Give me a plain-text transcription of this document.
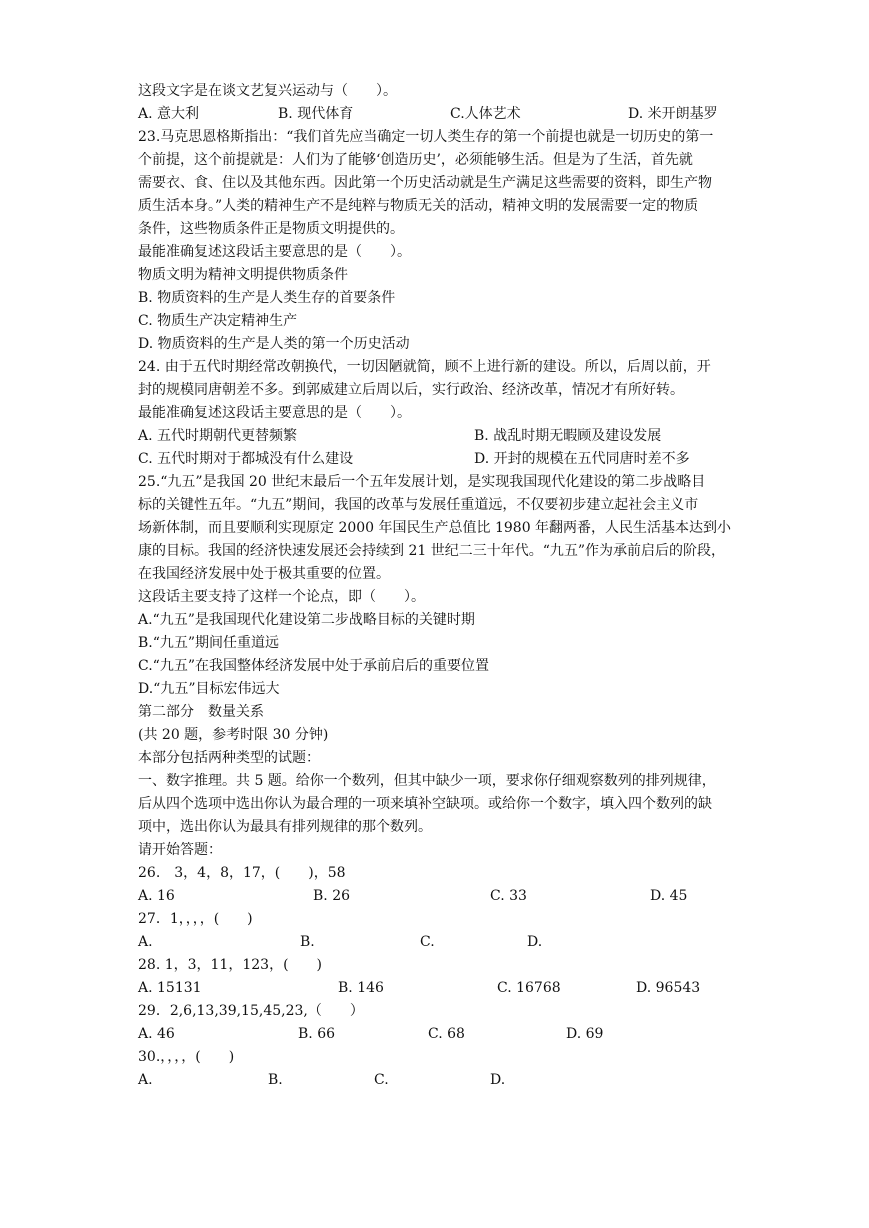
这段文字是在谈文艺复兴运动与（　　）。
A. 意大利	B. 现代体育	C.人体艺术	D. 米开朗基罗
23.马克思恩格斯指出：“我们首先应当确定一切人类生存的第一个前提也就是一切历史的第一
个前提，这个前提就是：人们为了能够‘创造历史’，必须能够生活。但是为了生活，首先就
需要衣、食、住以及其他东西。因此第一个历史活动就是生产满足这些需要的资料，即生产物
质生活本身。”人类的精神生产不是纯粹与物质无关的活动，精神文明的发展需要一定的物质
条件，这些物质条件正是物质文明提供的。
最能准确复述这段话主要意思的是（　　）。
物质文明为精神文明提供物质条件
B. 物质资料的生产是人类生存的首要条件
C. 物质生产决定精神生产
D. 物质资料的生产是人类的第一个历史活动
24. 由于五代时期经常改朝换代，一切因陋就简，顾不上进行新的建设。所以，后周以前，开
封的规模同唐朝差不多。到郭威建立后周以后，实行政治、经济改革，情况才有所好转。
最能准确复述这段话主要意思的是（　　）。
A. 五代时期朝代更替频繁	B. 战乱时期无暇顾及建设发展
C. 五代时期对于都城没有什么建设	D. 开封的规模在五代同唐时差不多
25.“九五”是我国 20 世纪末最后一个五年发展计划，是实现我国现代化建设的第二步战略目
标的关键性五年。“九五”期间，我国的改革与发展任重道远，不仅要初步建立起社会主义市
场新体制，而且要顺利实现原定 2000 年国民生产总值比 1980 年翻两番，人民生活基本达到小
康的目标。我国的经济快速发展还会持续到 21 世纪二三十年代。“九五”作为承前启后的阶段，
在我国经济发展中处于极其重要的位置。
这段话主要支持了这样一个论点，即（　　）。
A.“九五”是我国现代化建设第二步战略目标的关键时期
B.“九五”期间任重道远
C.“九五”在我国整体经济发展中处于承前启后的重要位置
D.“九五”目标宏伟远大
第二部分　数量关系
(共 20 题，参考时限 30 分钟)
本部分包括两种类型的试题：
一、数字推理。共 5 题。给你一个数列，但其中缺少一项，要求你仔细观察数列的排列规律，
后从四个选项中选出你认为最合理的一项来填补空缺项。或给你一个数字，填入四个数列的缺
项中，选出你认为最具有排列规律的那个数列。
请开始答题：
26.　3，4，8，17，(　　)，58
A. 16	B. 26	C. 33	D. 45
27．1，，，，(　　)
A.	B.	C.	D.
28. 1，3，11，123，(　　)
A. 15131	B. 146	C. 16768	D. 96543
29．2,6,13,39,15,45,23,（　　）
A. 46	B. 66	C. 68	D. 69
30.，，，，(　　)
A.	B.	C.	D.
